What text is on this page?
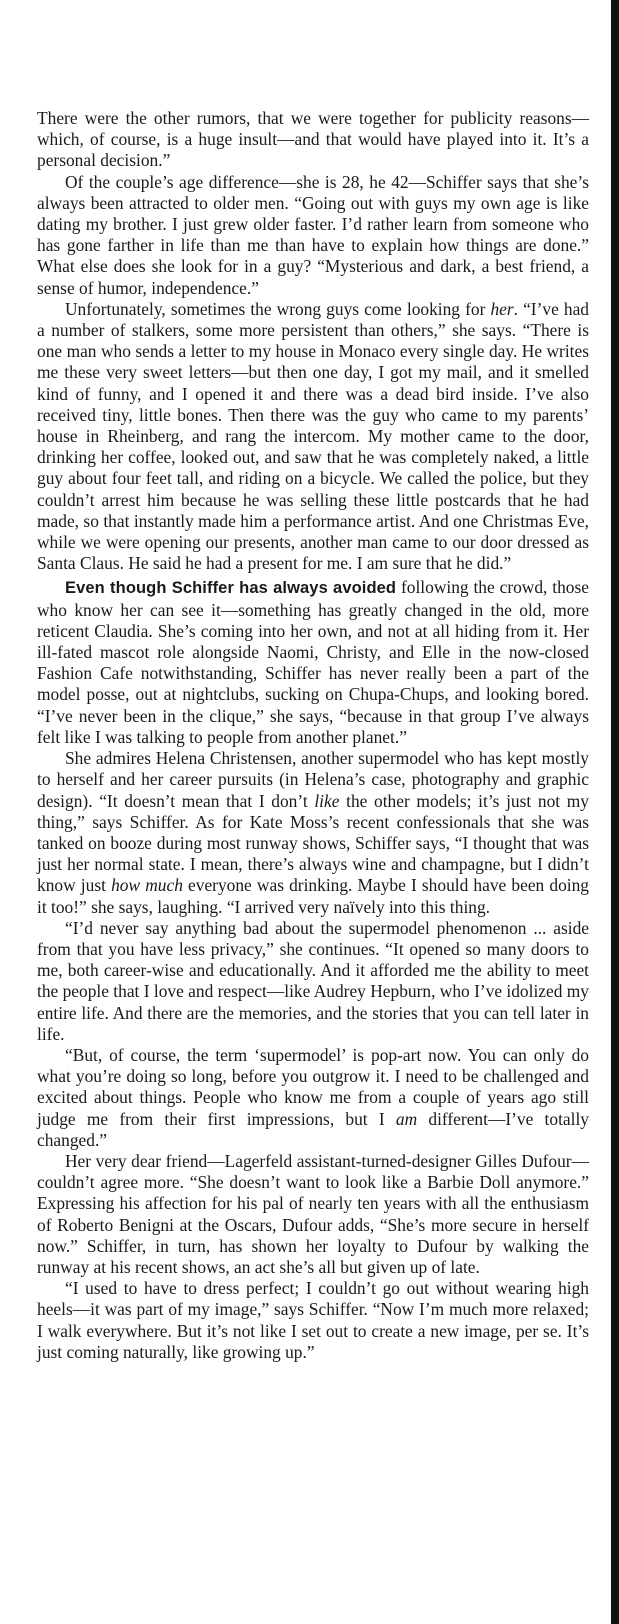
There were the other rumors, that we were together for publicity reasons—which, of course, is a huge insult—and that would have played into it. It’s a personal decision.”

Of the couple’s age difference—she is 28, he 42—Schiffer says that she’s always been attracted to older men. “Going out with guys my own age is like dating my brother. I just grew older faster. I’d rather learn from someone who has gone farther in life than me than have to explain how things are done.” What else does she look for in a guy? “Mysterious and dark, a best friend, a sense of humor, independence.”

Unfortunately, sometimes the wrong guys come looking for her. “I’ve had a number of stalkers, some more persistent than others,” she says. “There is one man who sends a letter to my house in Monaco every single day. He writes me these very sweet letters—but then one day, I got my mail, and it smelled kind of funny, and I opened it and there was a dead bird inside. I’ve also received tiny, little bones. Then there was the guy who came to my parents’ house in Rheinberg, and rang the intercom. My mother came to the door, drinking her coffee, looked out, and saw that he was completely naked, a little guy about four feet tall, and riding on a bicycle. We called the police, but they couldn’t arrest him because he was selling these little postcards that he had made, so that instantly made him a performance artist. And one Christmas Eve, while we were opening our presents, another man came to our door dressed as Santa Claus. He said he had a present for me. I am sure that he did.”

Even though Schiffer has always avoided following the crowd, those who know her can see it—something has greatly changed in the old, more reticent Claudia. She’s coming into her own, and not at all hiding from it. Her ill-fated mascot role alongside Naomi, Christy, and Elle in the now-closed Fashion Cafe notwithstanding, Schiffer has never really been a part of the model posse, out at nightclubs, sucking on Chupa-Chups, and looking bored. “I’ve never been in the clique,” she says, “because in that group I’ve always felt like I was talking to people from another planet.”

She admires Helena Christensen, another supermodel who has kept mostly to herself and her career pursuits (in Helena’s case, photography and graphic design). “It doesn’t mean that I don’t like the other models; it’s just not my thing,” says Schiffer. As for Kate Moss’s recent confessionals that she was tanked on booze during most runway shows, Schiffer says, “I thought that was just her normal state. I mean, there’s always wine and champagne, but I didn’t know just how much everyone was drinking. Maybe I should have been doing it too!” she says, laughing. “I arrived very naïvely into this thing.

“I’d never say anything bad about the supermodel phenomenon ... aside from that you have less privacy,” she continues. “It opened so many doors to me, both career-wise and educationally. And it afforded me the ability to meet the people that I love and respect—like Audrey Hepburn, who I’ve idolized my entire life. And there are the memories, and the stories that you can tell later in life.

“But, of course, the term ‘supermodel’ is pop-art now. You can only do what you’re doing so long, before you outgrow it. I need to be challenged and excited about things. People who know me from a couple of years ago still judge me from their first impressions, but I am different—I’ve totally changed.”

Her very dear friend—Lagerfeld assistant-turned-designer Gilles Dufour—couldn’t agree more. “She doesn’t want to look like a Barbie Doll anymore.” Expressing his affection for his pal of nearly ten years with all the enthusiasm of Roberto Benigni at the Oscars, Dufour adds, “She’s more secure in herself now.” Schiffer, in turn, has shown her loyalty to Dufour by walking the runway at his recent shows, an act she’s all but given up of late.

“I used to have to dress perfect; I couldn’t go out without wearing high heels—it was part of my image,” says Schiffer. “Now I’m much more relaxed; I walk everywhere. But it’s not like I set out to create a new image, per se. It’s just coming naturally, like growing up.”
